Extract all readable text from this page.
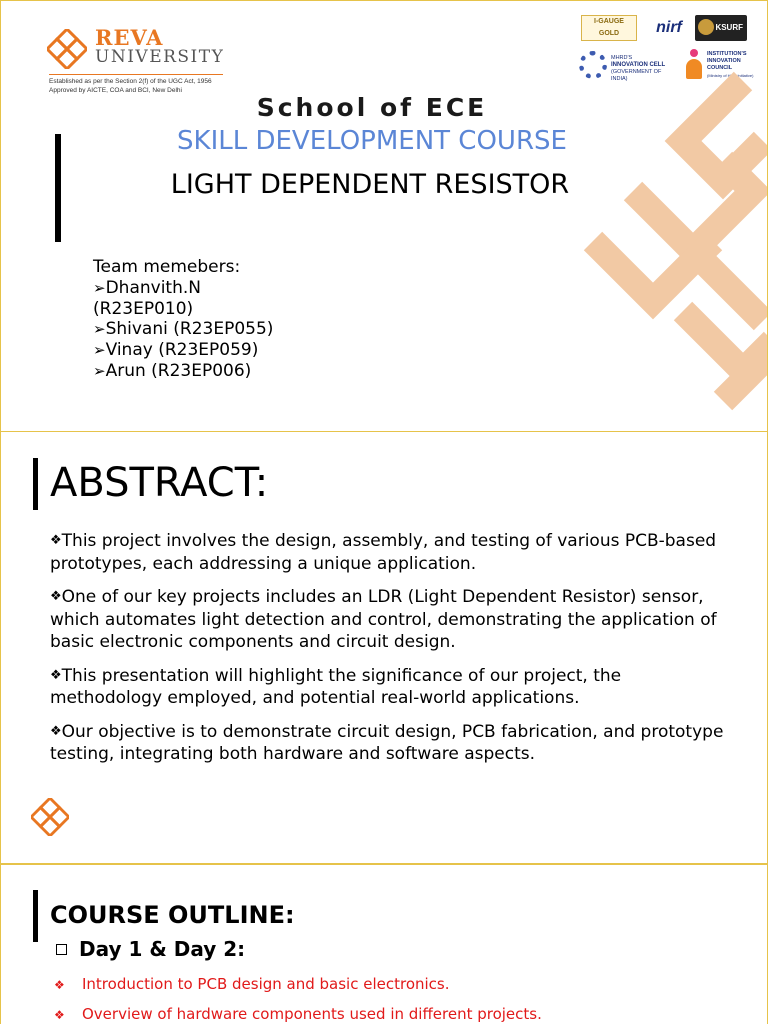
REVA
UNIVERSITY
Established as per the Section 2(f) of the UGC Act, 1956
Approved by AICTE, COA and BCI, New Delhi
I-GAUGE
GOLD	nirf	KSURF
MHRD'S
INNOVATION CELL
(GOVERNMENT OF INDIA)
INSTITUTION'S
INNOVATION
COUNCIL
(Ministry of HRD Initiative)
School of ECE
SKILL DEVELOPMENT COURSE
LIGHT DEPENDENT RESISTOR
Team memebers:
➢Dhanvith.N
(R23EP010)
➢Shivani (R23EP055)
➢Vinay (R23EP059)
➢Arun (R23EP006)
ABSTRACT:

❖This project involves the design, assembly, and testing of various PCB-based prototypes, each addressing a unique application.

❖One of our key projects includes an LDR (Light Dependent Resistor) sensor, which automates light detection and control, demonstrating the application of basic electronic components and circuit design.

❖This presentation will highlight the significance of our project, the methodology employed, and potential real-world applications.

❖Our objective is to demonstrate circuit design, PCB fabrication, and prototype testing, integrating both hardware and software aspects.

COURSE OUTLINE:
Day 1 & Day 2:
❖ Introduction to PCB design and basic electronics.
❖ Overview of hardware components used in different projects.
